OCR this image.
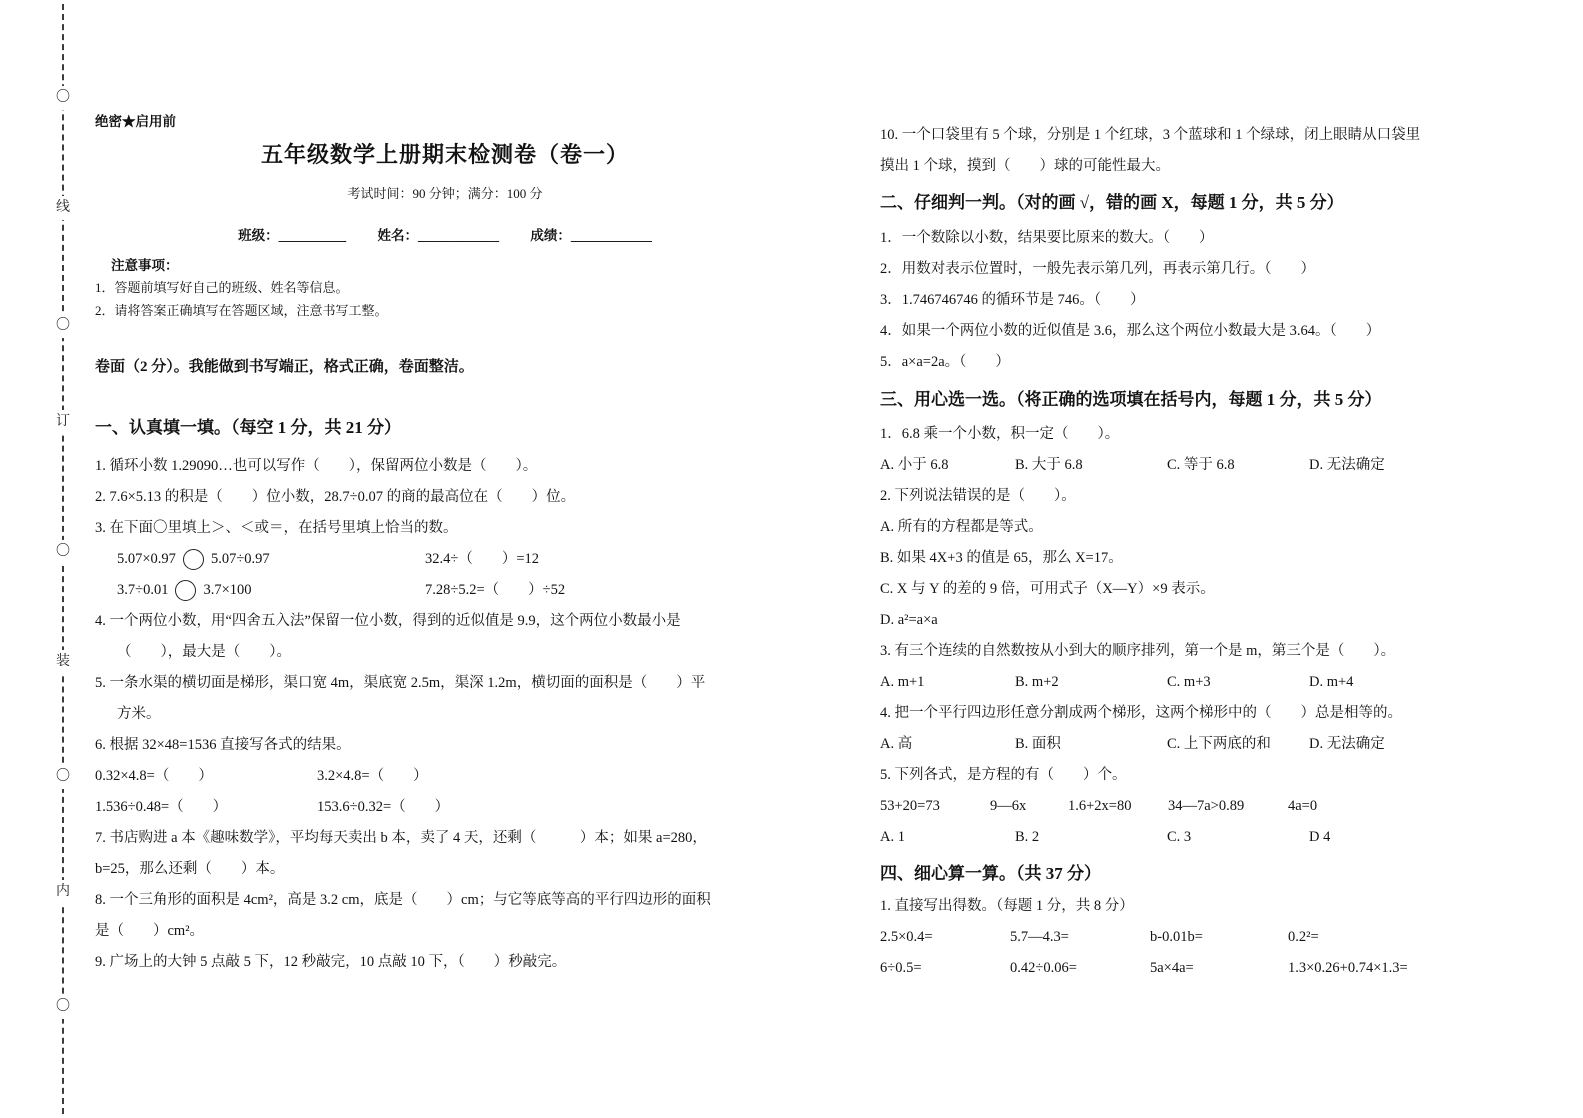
〇
线
〇
订
〇
装
〇
内
〇
绝密★启用前
五年级数学上册期末检测卷（卷一）
考试时间：90 分钟；满分：100 分
班级：__________ 姓名：____________ 成绩：____________
注意事项：
1．答题前填写好自己的班级、姓名等信息。
2．请将答案正确填写在答题区域，注意书写工整。
卷面（2 分）。我能做到书写端正，格式正确，卷面整洁。
一、认真填一填。（每空 1 分，共 21 分）
1. 循环小数 1.29090…也可以写作（　　），保留两位小数是（　　）。
2. 7.6×5.13 的积是（　　）位小数，28.7÷0.07 的商的最高位在（　　）位。
3. 在下面〇里填上＞、＜或＝，在括号里填上恰当的数。
5.07×0.97 5.07÷0.97	32.4÷（　　）=12
3.7÷0.01 3.7×100	7.28÷5.2=（　　）÷52
4. 一个两位小数，用“四舍五入法”保留一位小数，得到的近似值是 9.9，这个两位小数最小是
（　　），最大是（　　）。
5. 一条水渠的横切面是梯形，渠口宽 4m，渠底宽 2.5m，渠深 1.2m，横切面的面积是（　　）平
方米。
6. 根据 32×48=1536 直接写各式的结果。
0.32×4.8=（　　）	3.2×4.8=（　　）
1.536÷0.48=（　　）	153.6÷0.32=（　　）
7. 书店购进 a 本《趣味数学》，平均每天卖出 b 本，卖了 4 天，还剩（　　　）本；如果 a=280，
b=25，那么还剩（　　）本。
8. 一个三角形的面积是 4cm²，高是 3.2 cm，底是（　　）cm；与它等底等高的平行四边形的面积
是（　　）cm²。
9. 广场上的大钟 5 点敲 5 下，12 秒敲完，10 点敲 10 下，（　　）秒敲完。
10. 一个口袋里有 5 个球，分别是 1 个红球，3 个蓝球和 1 个绿球，闭上眼睛从口袋里
摸出 1 个球，摸到（　　）球的可能性最大。
二、仔细判一判。（对的画 √，错的画 X，每题 1 分，共 5 分）
1．一个数除以小数，结果要比原来的数大。（　　）
2．用数对表示位置时，一般先表示第几列，再表示第几行。（　　）
3．1.746746746 的循环节是 746。（　　）
4．如果一个两位小数的近似值是 3.6，那么这个两位小数最大是 3.64。（　　）
5．a×a=2a。（　　）
三、用心选一选。（将正确的选项填在括号内，每题 1 分，共 5 分）
1．6.8 乘一个小数，积一定（　　）。
A. 小于 6.8	B. 大于 6.8	C. 等于 6.8	D. 无法确定
2. 下列说法错误的是（　　）。
A. 所有的方程都是等式。
B. 如果 4X+3 的值是 65，那么 X=17。
C. X 与 Y 的差的 9 倍，可用式子（X—Y）×9 表示。
D. a²=a×a
3. 有三个连续的自然数按从小到大的顺序排列，第一个是 m，第三个是（　　）。
A. m+1	B. m+2	C. m+3	D. m+4
4. 把一个平行四边形任意分割成两个梯形，这两个梯形中的（　　）总是相等的。
A. 高	B. 面积	C. 上下两底的和	D. 无法确定
5. 下列各式，是方程的有（　　）个。
53+20=73	9—6x	1.6+2x=80	34—7a>0.89	4a=0
A. 1	B. 2	C. 3	D 4
四、细心算一算。（共 37 分）
1. 直接写出得数。（每题 1 分，共 8 分）
2.5×0.4=	5.7—4.3=	b-0.01b=	0.2²=
6÷0.5=	0.42÷0.06=	5a×4a=	1.3×0.26+0.74×1.3=
